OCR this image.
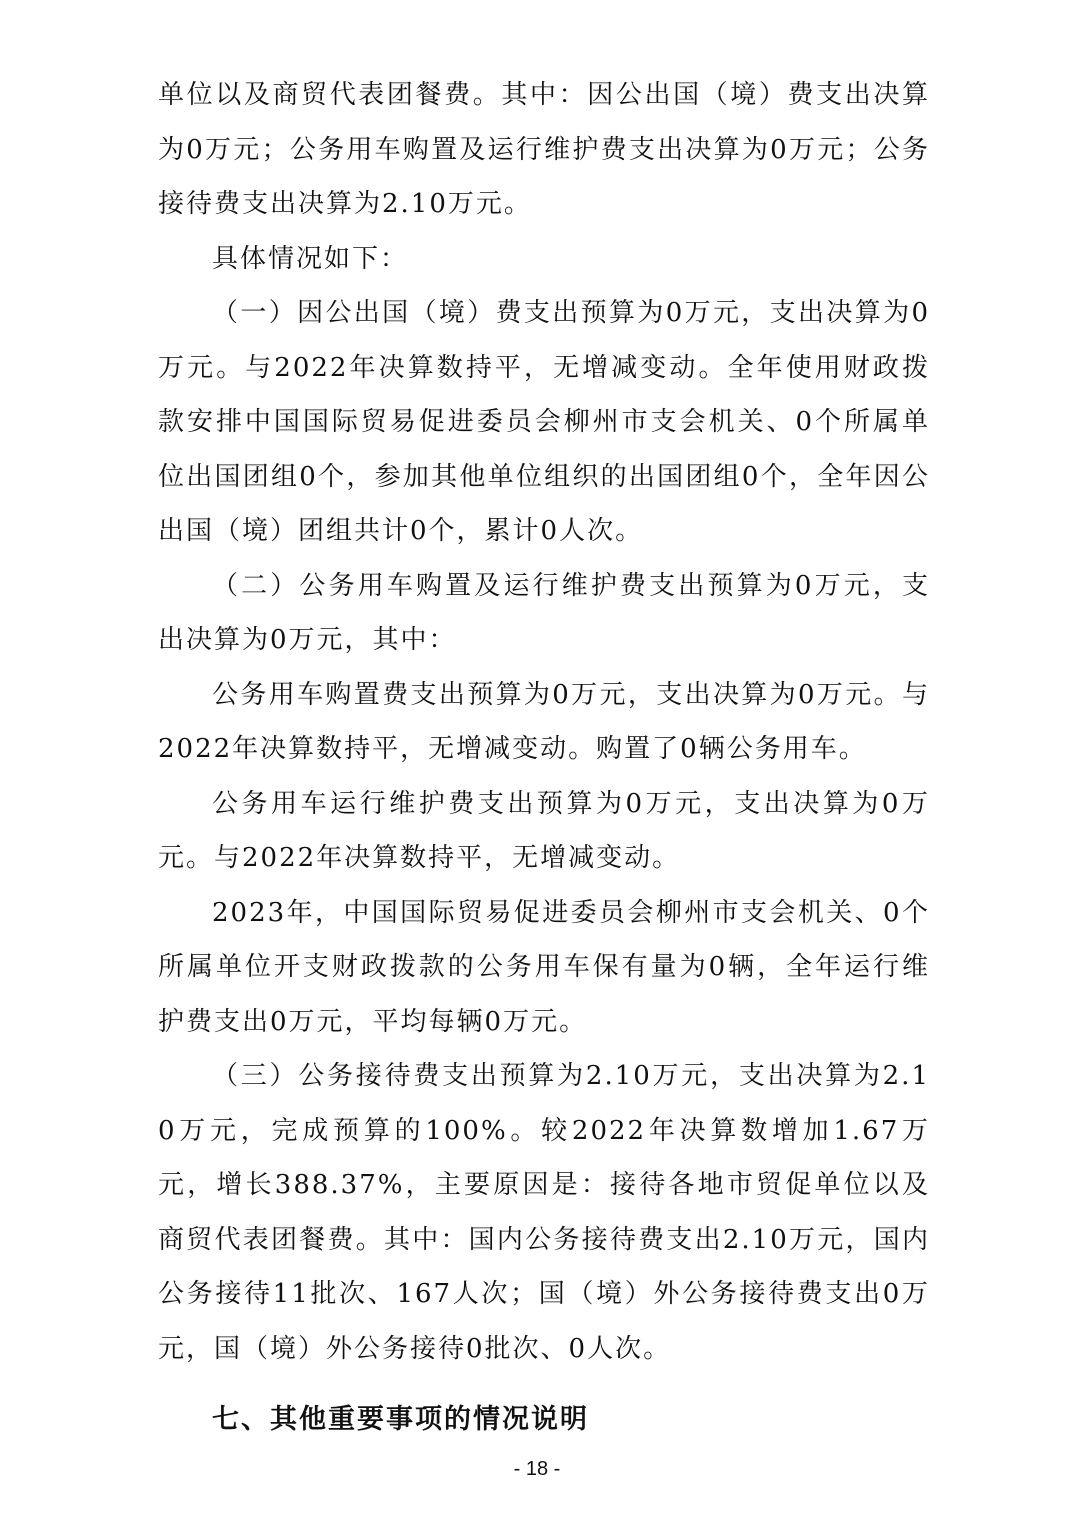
单位以及商贸代表团餐费。其中：因公出国（境）费支出决算为0万元；公务用车购置及运行维护费支出决算为0万元；公务接待费支出决算为2.10万元。

具体情况如下：

（一）因公出国（境）费支出预算为0万元，支出决算为0万元。与2022年决算数持平，无增减变动。全年使用财政拨款安排中国国际贸易促进委员会柳州市支会机关、0个所属单位出国团组0个，参加其他单位组织的出国团组0个，全年因公出国（境）团组共计0个，累计0人次。

（二）公务用车购置及运行维护费支出预算为0万元，支出决算为0万元，其中：

公务用车购置费支出预算为0万元，支出决算为0万元。与2022年决算数持平，无增减变动。购置了0辆公务用车。

公务用车运行维护费支出预算为0万元，支出决算为0万元。与2022年决算数持平，无增减变动。

2023年，中国国际贸易促进委员会柳州市支会机关、0个所属单位开支财政拨款的公务用车保有量为0辆，全年运行维护费支出0万元，平均每辆0万元。

（三）公务接待费支出预算为2.10万元，支出决算为2.10万元，完成预算的100%。较2022年决算数增加1.67万元，增长388.37%，主要原因是：接待各地市贸促单位以及商贸代表团餐费。其中：国内公务接待费支出2.10万元，国内公务接待11批次、167人次；国（境）外公务接待费支出0万元，国（境）外公务接待0批次、0人次。

七、其他重要事项的情况说明
- 18 -
